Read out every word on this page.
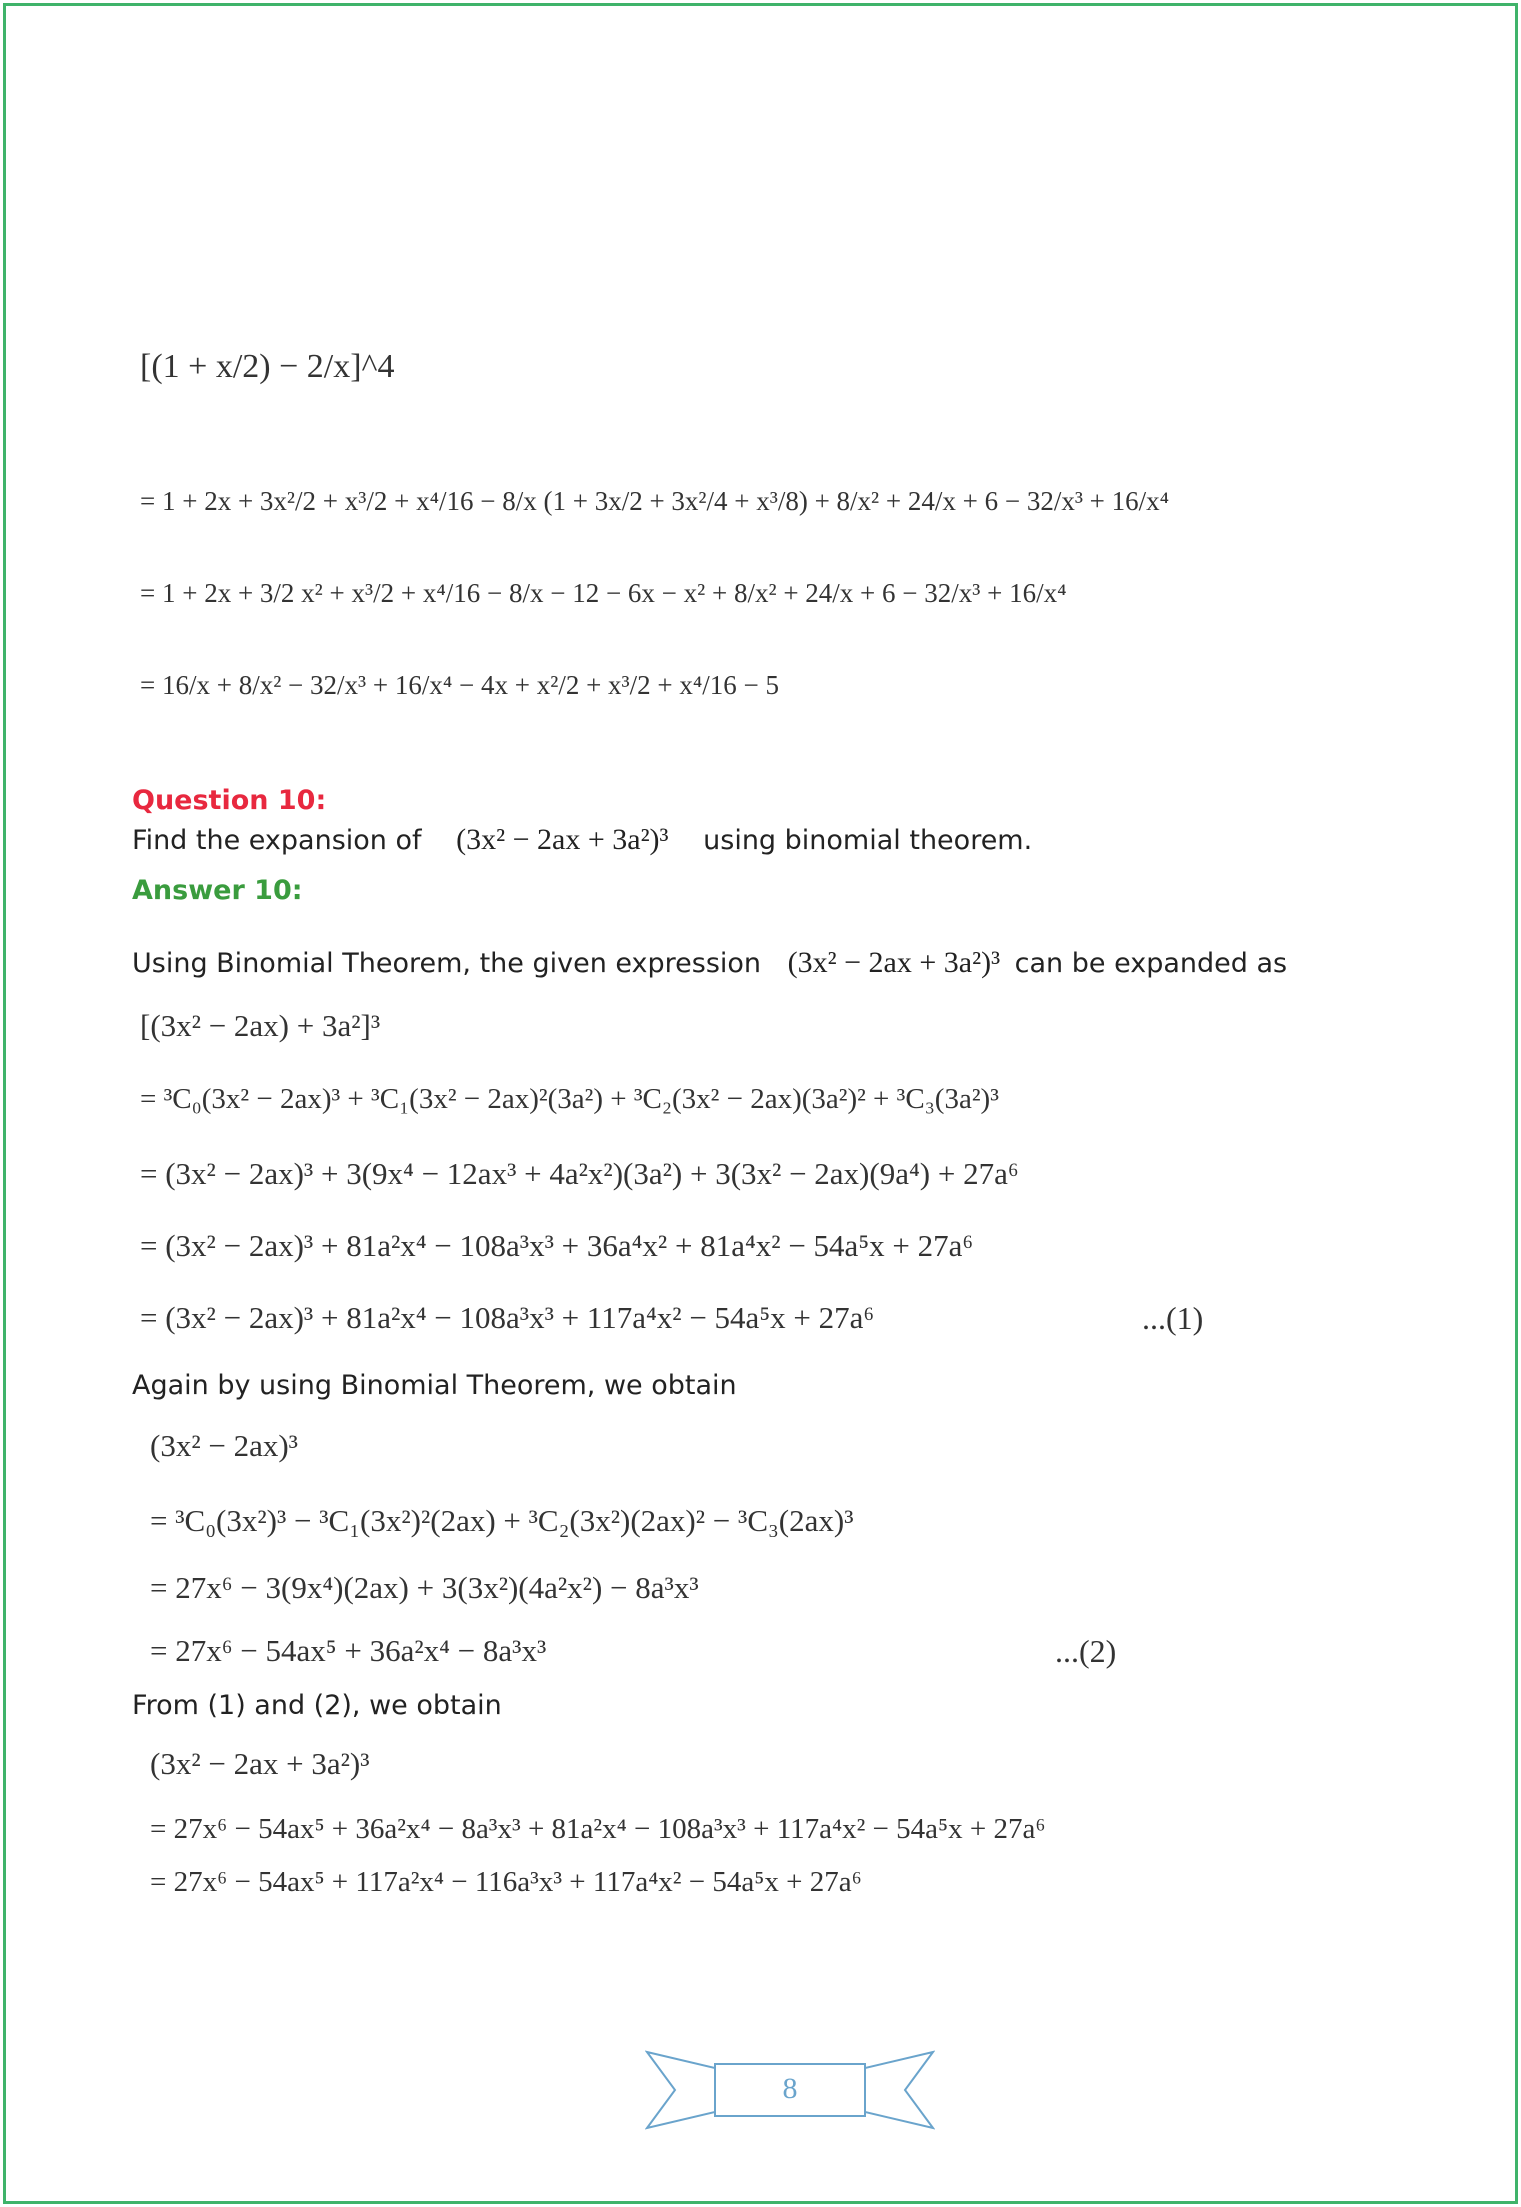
[(1 + x/2) − 2/x]^4
= 1 + 2x + 3x²/2 + x³/2 + x⁴/16 − 8/x (1 + 3x/2 + 3x²/4 + x³/8) + 8/x² + 24/x + 6 − 32/x³ + 16/x⁴
= 1 + 2x + 3/2 x² + x³/2 + x⁴/16 − 8/x − 12 − 6x − x² + 8/x² + 24/x + 6 − 32/x³ + 16/x⁴
= 16/x + 8/x² − 32/x³ + 16/x⁴ − 4x + x²/2 + x³/2 + x⁴/16 − 5
Question 10:
Find the expansion of (3x² − 2ax + 3a²)³ using binomial theorem.
Answer 10:
Using Binomial Theorem, the given expression (3x² − 2ax + 3a²)³ can be expanded as
[(3x² − 2ax) + 3a²]³
= ³C₀(3x² − 2ax)³ + ³C₁(3x² − 2ax)²(3a²) + ³C₂(3x² − 2ax)(3a²)² + ³C₃(3a²)³
= (3x² − 2ax)³ + 3(9x⁴ − 12ax³ + 4a²x²)(3a²) + 3(3x² − 2ax)(9a⁴) + 27a⁶
= (3x² − 2ax)³ + 81a²x⁴ − 108a³x³ + 36a⁴x² + 81a⁴x² − 54a⁵x + 27a⁶
= (3x² − 2ax)³ + 81a²x⁴ − 108a³x³ + 117a⁴x² − 54a⁵x + 27a⁶	...(1)
Again by using Binomial Theorem, we obtain
(3x² − 2ax)³
= ³C₀(3x²)³ − ³C₁(3x²)²(2ax) + ³C₂(3x²)(2ax)² − ³C₃(2ax)³
= 27x⁶ − 3(9x⁴)(2ax) + 3(3x²)(4a²x²) − 8a³x³
= 27x⁶ − 54ax⁵ + 36a²x⁴ − 8a³x³	...(2)
From (1) and (2), we obtain
(3x² − 2ax + 3a²)³
= 27x⁶ − 54ax⁵ + 36a²x⁴ − 8a³x³ + 81a²x⁴ − 108a³x³ + 117a⁴x² − 54a⁵x + 27a⁶
= 27x⁶ − 54ax⁵ + 117a²x⁴ − 116a³x³ + 117a⁴x² − 54a⁵x + 27a⁶
8
